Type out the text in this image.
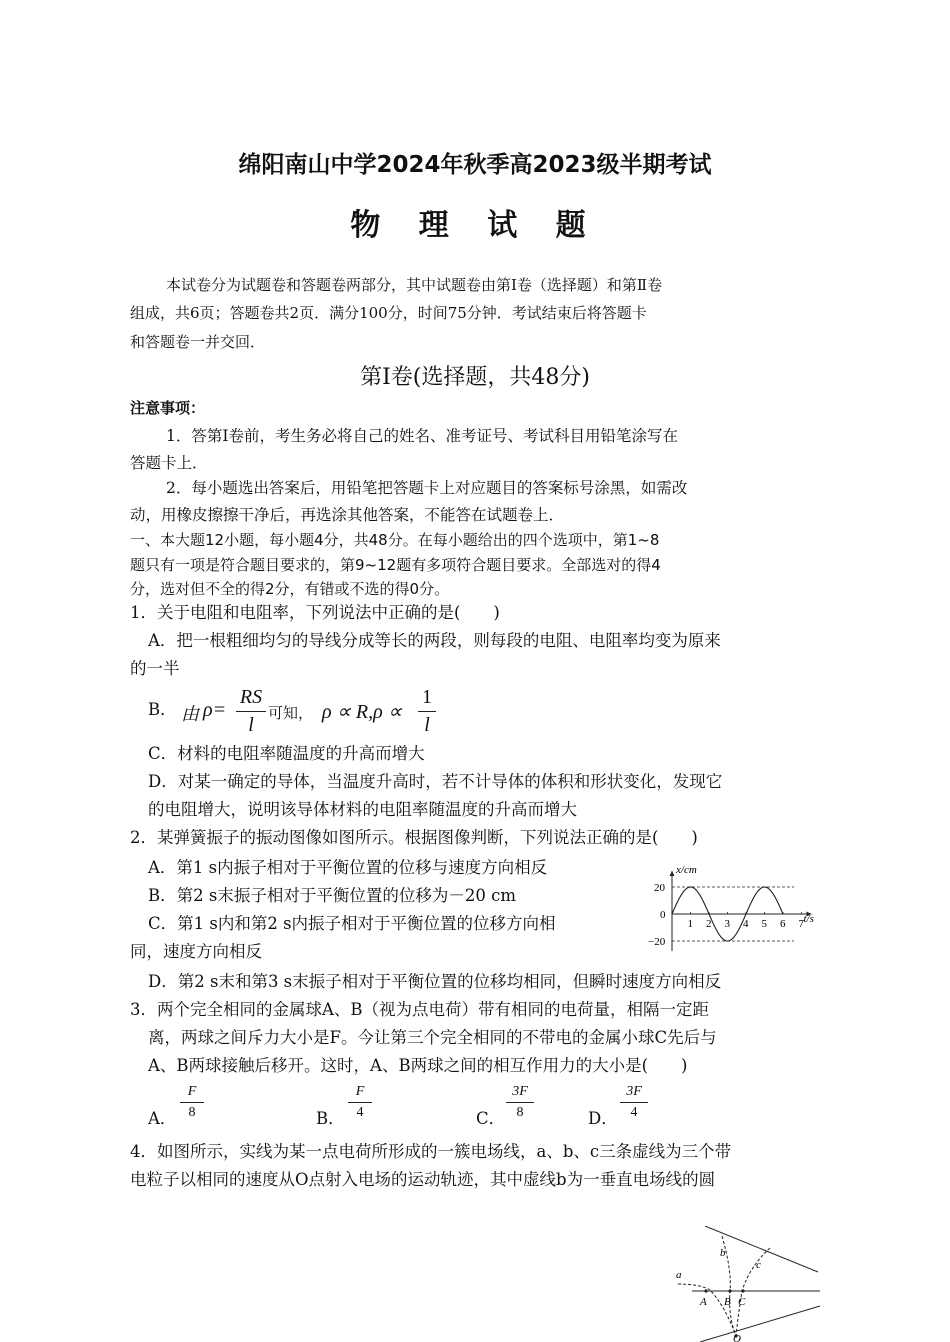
绵阳南山中学2024年秋季高2023级半期考试
物 理 试 题
本试卷分为试题卷和答题卷两部分，其中试题卷由第Ⅰ卷（选择题）和第Ⅱ卷
组成，共6页；答题卷共2页．满分100分，时间75分钟．考试结束后将答题卡
和答题卷一并交回．
第Ⅰ卷(选择题，共48分)
注意事项：
1．答第Ⅰ卷前，考生务必将自己的姓名、准考证号、考试科目用铅笔涂写在
答题卡上．
2．每小题选出答案后，用铅笔把答题卡上对应题目的答案标号涂黑，如需改
动，用橡皮擦擦干净后，再选涂其他答案，不能答在试题卷上．
一、本大题12小题，每小题4分，共48分。在每小题给出的四个选项中，第1~8
题只有一项是符合题目要求的，第9~12题有多项符合题目要求。全部选对的得4
分，选对但不全的得2分，有错或不选的得0分。
1．关于电阻和电阻率，下列说法中正确的是(　　)
A．把一根粗细均匀的导线分成等长的两段，则每段的电阻、电阻率均变为原来
的一半
B． 由 ρ=
RS
l
可知， ρ ∝ R,ρ ∝
1
l
C．材料的电阻率随温度的升高而增大
D．对某一确定的导体，当温度升高时，若不计导体的体积和形状变化，发现它
的电阻增大，说明该导体材料的电阻率随温度的升高而增大
2．某弹簧振子的振动图像如图所示。根据图像判断，下列说法正确的是(　　)
A．第1 s内振子相对于平衡位置的位移与速度方向相反
B．第2 s末振子相对于平衡位置的位移为－20 cm
C．第1 s内和第2 s内振子相对于平衡位置的位移方向相
同，速度方向相反
D．第2 s末和第3 s末振子相对于平衡位置的位移均相同，但瞬时速度方向相反
1 2 3 4 5 6 7
20
−20
0
x/cm
t/s
3．两个完全相同的金属球A、B（视为点电荷）带有相同的电荷量，相隔一定距
离，两球之间斥力大小是F。今让第三个完全相同的不带电的金属小球C先后与
A、B两球接触后移开。这时，A、B两球之间的相互作用力的大小是(　　)
A．
F
8	B．
F
4	C．
3F
8	D．
3F
4
4．如图所示，实线为某一点电荷所形成的一簇电场线，a、b、c三条虚线为三个带
电粒子以相同的速度从O点射入电场的运动轨迹，其中虚线b为一垂直电场线的圆
a
b
c
A B C
O
